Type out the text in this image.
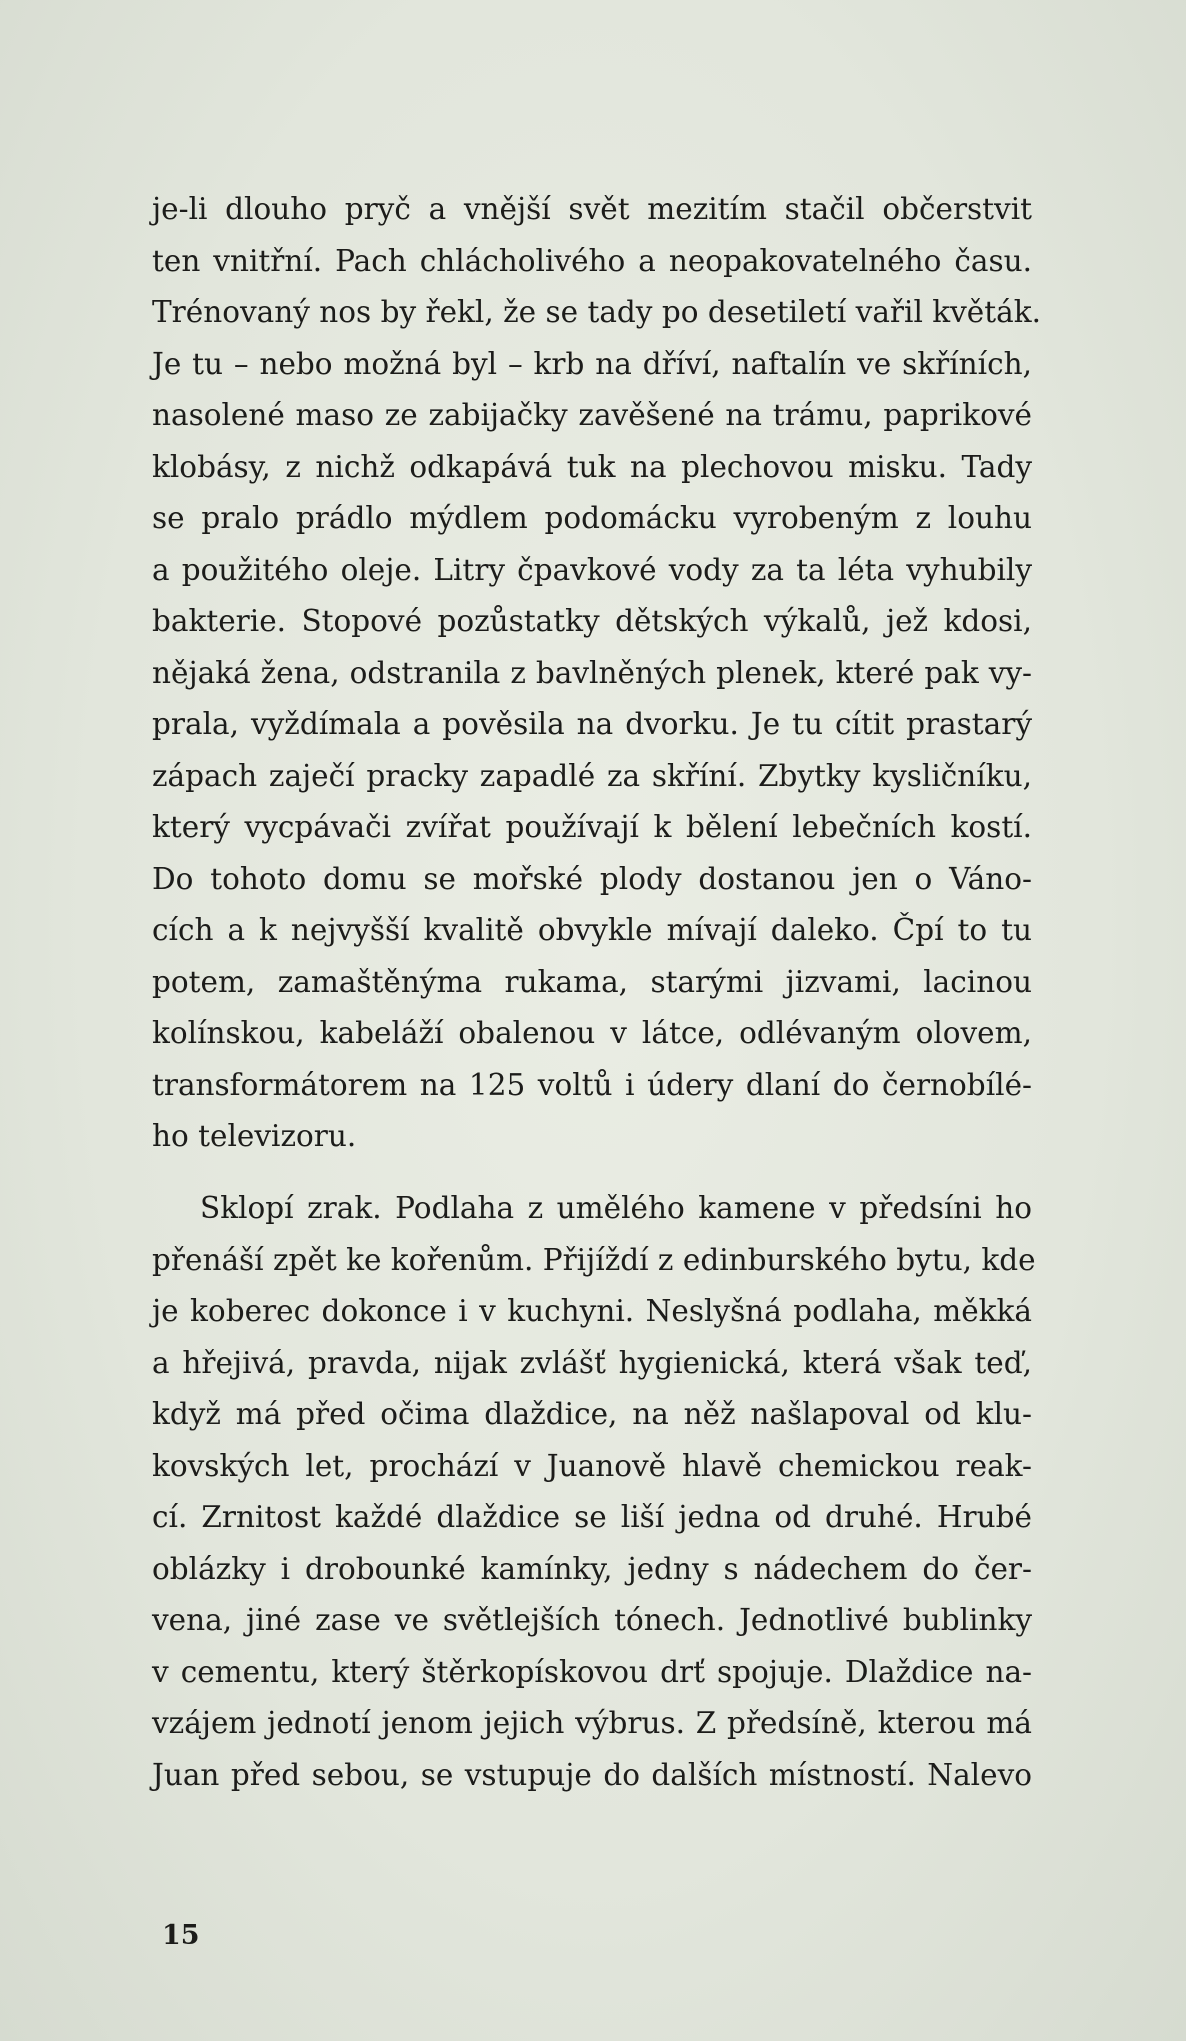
je-li dlouho pryč a vnější svět mezitím stačil občerstvit
ten vnitřní. Pach chlácholivého a neopakovatelného času.
Trénovaný nos by řekl, že se tady po desetiletí vařil květák.
Je tu – nebo možná byl – krb na dříví, naftalín ve skříních,
nasolené maso ze zabijačky zavěšené na trámu, paprikové
klobásy, z nichž odkapává tuk na plechovou misku. Tady
se pralo prádlo mýdlem podomácku vyrobeným z louhu
a použitého oleje. Litry čpavkové vody za ta léta vyhubily
bakterie. Stopové pozůstatky dětských výkalů, jež kdosi,
nějaká žena, odstranila z bavlněných plenek, které pak vy-
prala, vyždímala a pověsila na dvorku. Je tu cítit prastarý
zápach zaječí pracky zapadlé za skříní. Zbytky kysličníku,
který vycpávači zvířat používají k bělení lebečních kostí.
Do tohoto domu se mořské plody dostanou jen o Váno-
cích a k nejvyšší kvalitě obvykle mívají daleko. Čpí to tu
potem, zamaštěnýma rukama, starými jizvami, lacinou
kolínskou, kabeláží obalenou v látce, odlévaným olovem,
transformátorem na 125 voltů i údery dlaní do černobílé-
ho televizoru.
Sklopí zrak. Podlaha z umělého kamene v předsíni ho
přenáší zpět ke kořenům. Přijíždí z edinburského bytu, kde
je koberec dokonce i v kuchyni. Neslyšná podlaha, měkká
a hřejivá, pravda, nijak zvlášť hygienická, která však teď,
když má před očima dlaždice, na něž našlapoval od klu-
kovských let, prochází v Juanově hlavě chemickou reak-
cí. Zrnitost každé dlaždice se liší jedna od druhé. Hrubé
oblázky i drobounké kamínky, jedny s nádechem do čer-
vena, jiné zase ve světlejších tónech. Jednotlivé bublinky
v cementu, který štěrkopískovou drť spojuje. Dlaždice na-
vzájem jednotí jenom jejich výbrus. Z předsíně, kterou má
Juan před sebou, se vstupuje do dalších místností. Nalevo
15
